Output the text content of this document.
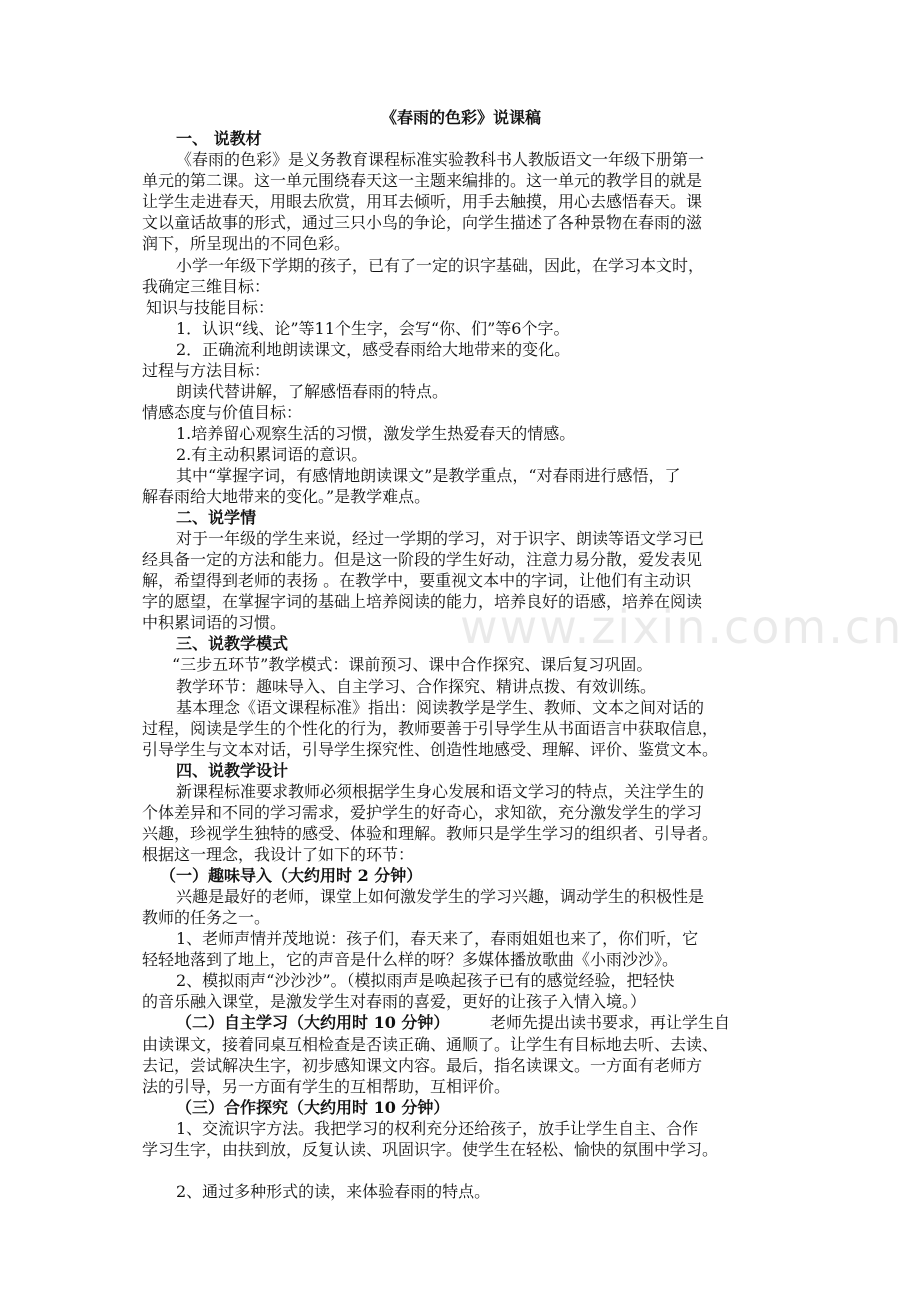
www.zixin.com.cn
《春雨的色彩》说课稿
一、 说教材
《春雨的色彩》是义务教育课程标准实验教科书人教版语文一年级下册第一
单元的第二课。这一单元围绕春天这一主题来编排的。这一单元的教学目的就是
让学生走进春天，用眼去欣赏，用耳去倾听，用手去触摸，用心去感悟春天。课
文以童话故事的形式，通过三只小鸟的争论，向学生描述了各种景物在春雨的滋
润下，所呈现出的不同色彩。
小学一年级下学期的孩子，已有了一定的识字基础，因此，在学习本文时，
我确定三维目标：
知识与技能目标：
1．认识“线、论”等11个生字，会写“你、们”等6个字。
2．正确流利地朗读课文，感受春雨给大地带来的变化。
过程与方法目标：
朗读代替讲解，了解感悟春雨的特点。
情感态度与价值目标：
1.培养留心观察生活的习惯，激发学生热爱春天的情感。
2.有主动积累词语的意识。
其中“掌握字词，有感情地朗读课文”是教学重点，“对春雨进行感悟，了
解春雨给大地带来的变化。”是教学难点。
二、说学情
对于一年级的学生来说，经过一学期的学习，对于识字、朗读等语文学习已
经具备一定的方法和能力。但是这一阶段的学生好动，注意力易分散，爱发表见
解，希望得到老师的表扬 。在教学中，要重视文本中的字词，让他们有主动识
字的愿望，在掌握字词的基础上培养阅读的能力，培养良好的语感，培养在阅读
中积累词语的习惯。
三、说教学模式
“三步五环节”教学模式：课前预习、课中合作探究、课后复习巩固。
教学环节：趣味导入、自主学习、合作探究、精讲点拨、有效训练。
基本理念《语文课程标准》指出：阅读教学是学生、教师、文本之间对话的
过程，阅读是学生的个性化的行为，教师要善于引导学生从书面语言中获取信息，
引导学生与文本对话，引导学生探究性、创造性地感受、理解、评价、鉴赏文本。
四、说教学设计
新课程标准要求教师必须根据学生身心发展和语文学习的特点，关注学生的
个体差异和不同的学习需求，爱护学生的好奇心，求知欲，充分激发学生的学习
兴趣，珍视学生独特的感受、体验和理解。教师只是学生学习的组织者、引导者。
根据这一理念，我设计了如下的环节：
（一）趣味导入（大约用时 2 分钟）
兴趣是最好的老师，课堂上如何激发学生的学习兴趣，调动学生的积极性是
教师的任务之一。
1、老师声情并茂地说：孩子们，春天来了，春雨姐姐也来了，你们听，它
轻轻地落到了地上，它的声音是什么样的呀？多媒体播放歌曲《小雨沙沙》。
2、模拟雨声“沙沙沙”。（模拟雨声是唤起孩子已有的感觉经验，把轻快
的音乐融入课堂，是激发学生对春雨的喜爱，更好的让孩子入情入境。）
（二）自主学习（大约用时 10 分钟）	老师先提出读书要求，再让学生自
由读课文，接着同桌互相检查是否读正确、通顺了。让学生有目标地去听、去读、
去记，尝试解决生字，初步感知课文内容。最后，指名读课文。一方面有老师方
法的引导，另一方面有学生的互相帮助，互相评价。
（三）合作探究（大约用时 10 分钟）
1、交流识字方法。我把学习的权利充分还给孩子，放手让学生自主、合作
学习生字，由扶到放，反复认读、巩固识字。使学生在轻松、愉快的氛围中学习。
2、通过多种形式的读，来体验春雨的特点。
